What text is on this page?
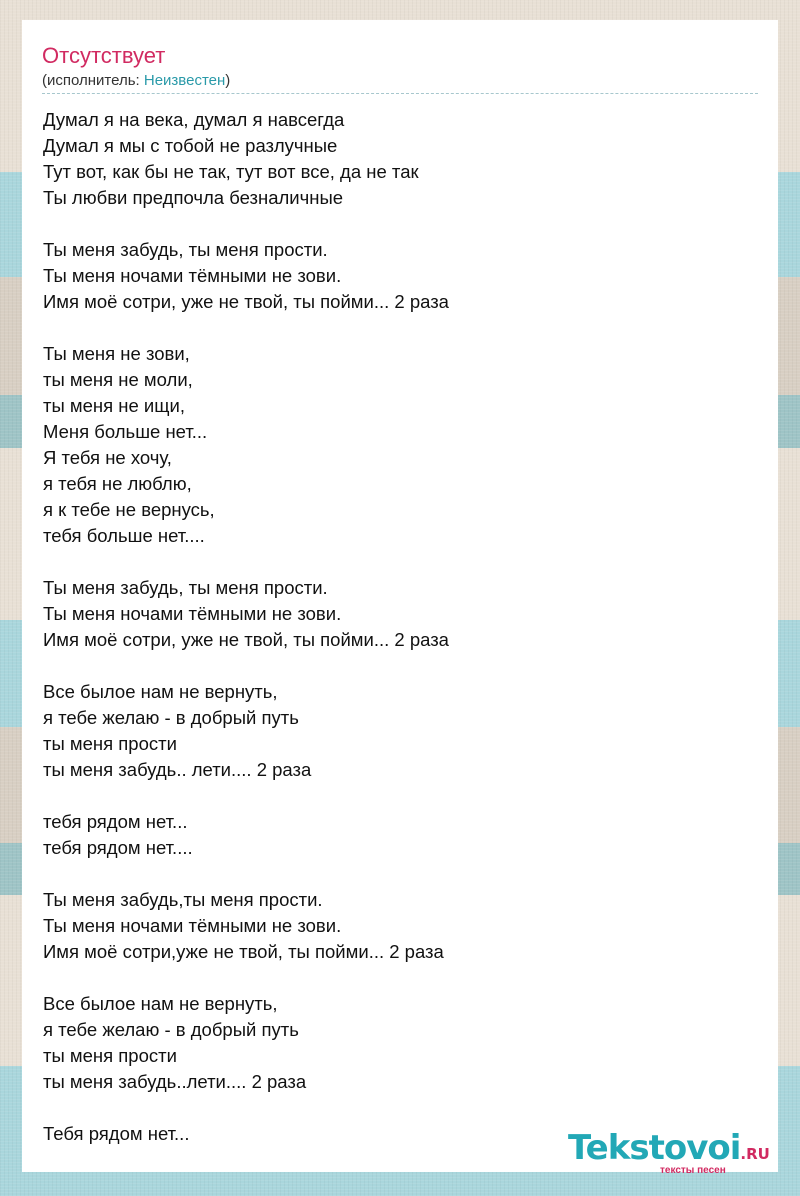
Отсутствует
(исполнитель: Неизвестен)
Думал я на века, думал я навсегда
Думал я мы с тобой не разлучные
Тут вот, как бы не так, тут вот все, да не так
Ты любви предпочла безналичные
Ты меня забудь, ты меня прости.
Ты меня ночами тёмными не зови.
Имя моё сотри, уже не твой, ты пойми... 2 раза
Ты меня не зови,
ты меня не моли,
ты меня не ищи,
Меня больше нет...
Я тебя не хочу,
я тебя не люблю,
я к тебе не вернусь,
тебя больше нет....
Ты меня забудь, ты меня прости.
Ты меня ночами тёмными не зови.
Имя моё сотри, уже не твой, ты пойми... 2 раза
Все былое нам не вернуть,
я тебе желаю - в добрый путь
ты меня прости
ты меня забудь.. лети.... 2 раза
тебя рядом нет...
тебя рядом нет....
Ты меня забудь,ты меня прости.
Ты меня ночами тёмными не зови.
Имя моё сотри,уже не твой, ты пойми... 2 раза
Все былое нам не вернуть,
я тебе желаю - в добрый путь
ты меня прости
ты меня забудь..лети.... 2 раза
Тебя рядом нет...	Tekstovoi.RU
тексты песен
